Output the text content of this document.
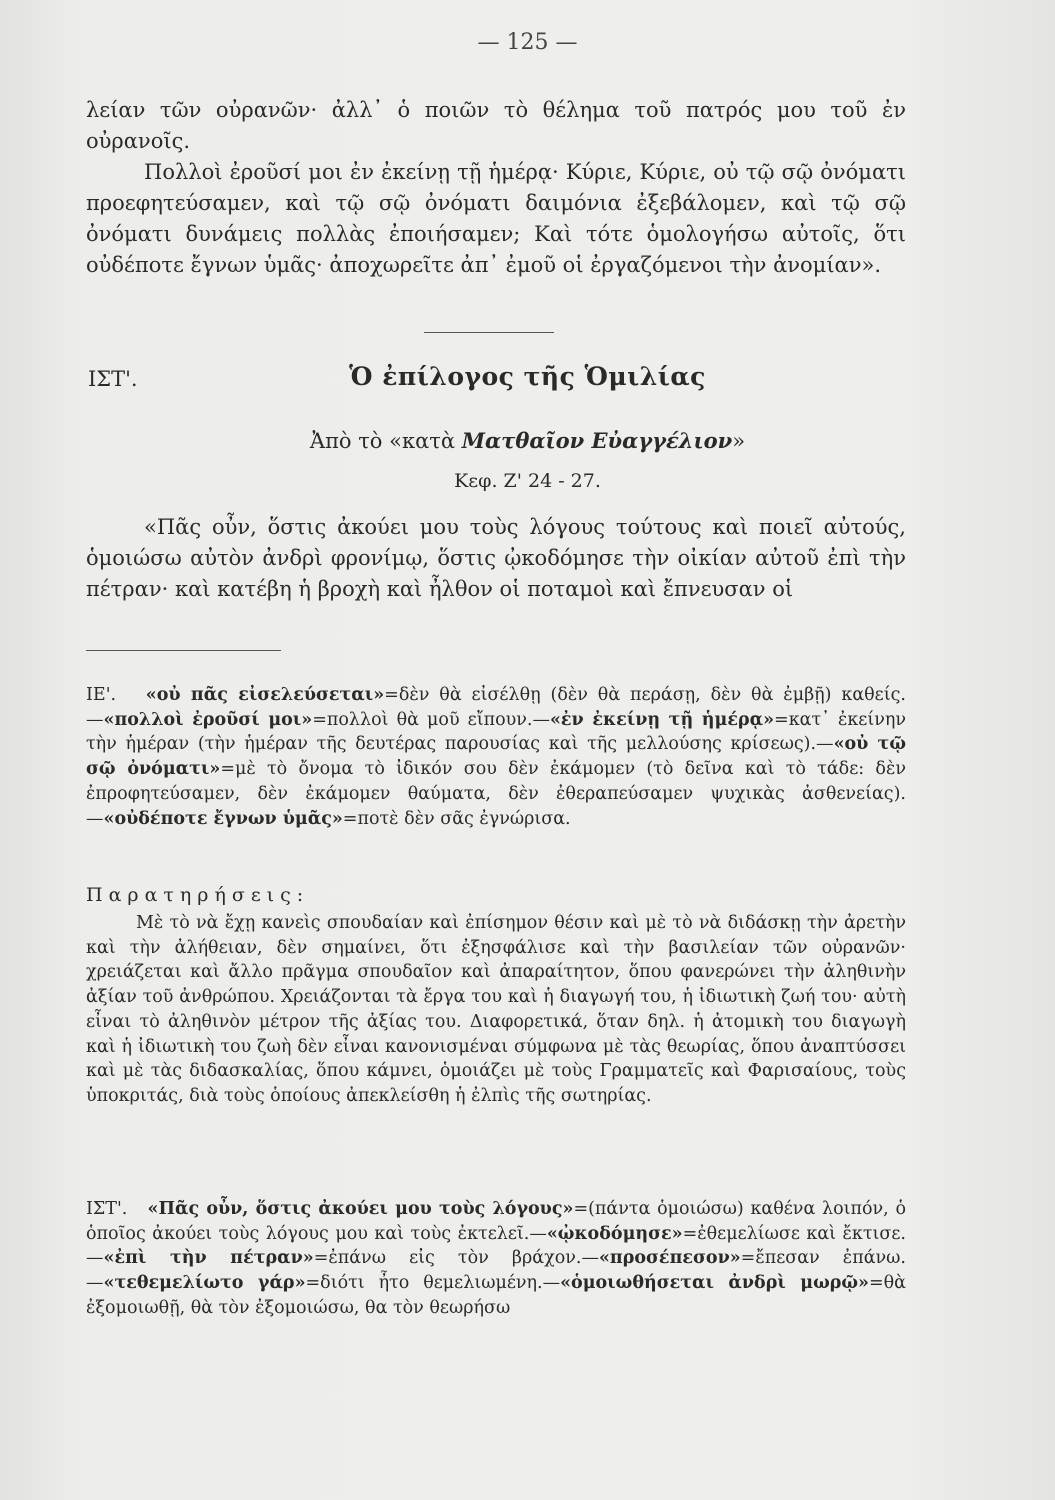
— 125 —

λείαν τῶν οὐρανῶν· ἀλλ᾿ ὁ ποιῶν τὸ θέλημα τοῦ πατρός μου τοῦ ἐν οὐρανοῖς.

Πολλοὶ ἐροῦσί μοι ἐν ἐκείνῃ τῇ ἡμέρᾳ· Κύριε, Κύριε, οὐ τῷ σῷ ὀνόματι προεφητεύσαμεν, καὶ τῷ σῷ ὀνόματι δαιμόνια ἐξεβάλομεν, καὶ τῷ σῷ ὀνόματι δυνάμεις πολλὰς ἐποιήσαμεν; Καὶ τότε ὁμολογήσω αὐτοῖς, ὅτι οὐδέποτε ἔγνων ὑμᾶς· ἀποχωρεῖτε ἀπ᾿ ἐμοῦ οἱ ἐργαζόμενοι τὴν ἀνομίαν».

ΙΣΤ'.	Ὁ ἐπίλογος τῆς Ὁμιλίας
Ἀπὸ τὸ «κατὰ Ματθαῖον Εὐαγγέλιον»
Κεφ. Ζ' 24 - 27.

«Πᾶς οὖν, ὅστις ἀκούει μου τοὺς λόγους τούτους καὶ ποιεῖ αὐτούς, ὁμοιώσω αὐτὸν ἀνδρὶ φρονίμῳ, ὅστις ᾠκοδόμησε τὴν οἰκίαν αὐτοῦ ἐπὶ τὴν πέτραν· καὶ κατέβη ἡ βροχὴ καὶ ἦλθον οἱ ποταμοὶ καὶ ἔπνευσαν οἱ

ΙΕ'. «οὐ πᾶς εἰσελεύσεται»=δὲν θὰ εἰσέλθῃ (δὲν θὰ περάσῃ, δὲν θὰ ἐμβῇ) καθείς.—«πολλοὶ ἐροῦσί μοι»=πολλοὶ θὰ μοῦ εἴπουν.—«ἐν ἐκείνῃ τῇ ἡμέρᾳ»=κατ᾿ ἐκείνην τὴν ἡμέραν (τὴν ἡμέραν τῆς δευτέρας παρουσίας καὶ τῆς μελλούσης κρίσεως).—«οὐ τῷ σῷ ὀνόματι»=μὲ τὸ ὄνομα τὸ ἰδικόν σου δὲν ἐκάμομεν (τὸ δεῖνα καὶ τὸ τάδε: δὲν ἐπροφητεύσαμεν, δὲν ἐκάμομεν θαύματα, δὲν ἐθεραπεύσαμεν ψυχικὰς ἀσθενείας).—«οὐδέποτε ἔγνων ὑμᾶς»=ποτὲ δὲν σᾶς ἐγνώρισα.

Παρατηρήσεις:

Μὲ τὸ νὰ ἔχῃ κανεὶς σπουδαίαν καὶ ἐπίσημον θέσιν καὶ μὲ τὸ νὰ διδάσκῃ τὴν ἀρετὴν καὶ τὴν ἀλήθειαν, δὲν σημαίνει, ὅτι ἐξησφάλισε καὶ τὴν βασιλείαν τῶν οὐρανῶν· χρειάζεται καὶ ἄλλο πρᾶγμα σπουδαῖον καὶ ἀπαραίτητον, ὅπου φανερώνει τὴν ἀληθινὴν ἀξίαν τοῦ ἀνθρώπου. Χρειάζονται τὰ ἔργα του καὶ ἡ διαγωγή του, ἡ ἰδιωτικὴ ζωή του· αὐτὴ εἶναι τὸ ἀληθινὸν μέτρον τῆς ἀξίας του. Διαφορετικά, ὅταν δηλ. ἡ ἀτομικὴ του διαγωγὴ καὶ ἡ ἰδιωτικὴ του ζωὴ δὲν εἶναι κανονισμέναι σύμφωνα μὲ τὰς θεωρίας, ὅπου ἀναπτύσσει καὶ μὲ τὰς διδασκαλίας, ὅπου κάμνει, ὁμοιάζει μὲ τοὺς Γραμματεῖς καὶ Φαρισαίους, τοὺς ὑποκριτάς, διὰ τοὺς ὁποίους ἀπεκλείσθη ἡ ἐλπὶς τῆς σωτηρίας.

ΙΣΤ'. «Πᾶς οὖν, ὅστις ἀκούει μου τοὺς λόγους»=(πάντα ὁμοιώσω) καθένα λοιπόν, ὁ ὁποῖος ἀκούει τοὺς λόγους μου καὶ τοὺς ἐκτελεῖ.—«ᾠκοδόμησε»=ἐθεμελίωσε καὶ ἔκτισε.—«ἐπὶ τὴν πέτραν»=ἐπάνω εἰς τὸν βράχον.—«προσέπεσον»=ἔπεσαν ἐπάνω.—«τεθεμελίωτο γάρ»=διότι ἦτο θεμελιωμένη.—«ὁμοιωθήσεται ἀνδρὶ μωρῷ»=θὰ ἐξομοιωθῇ, θὰ τὸν ἐξομοιώσω, θα τὸν θεωρήσω
